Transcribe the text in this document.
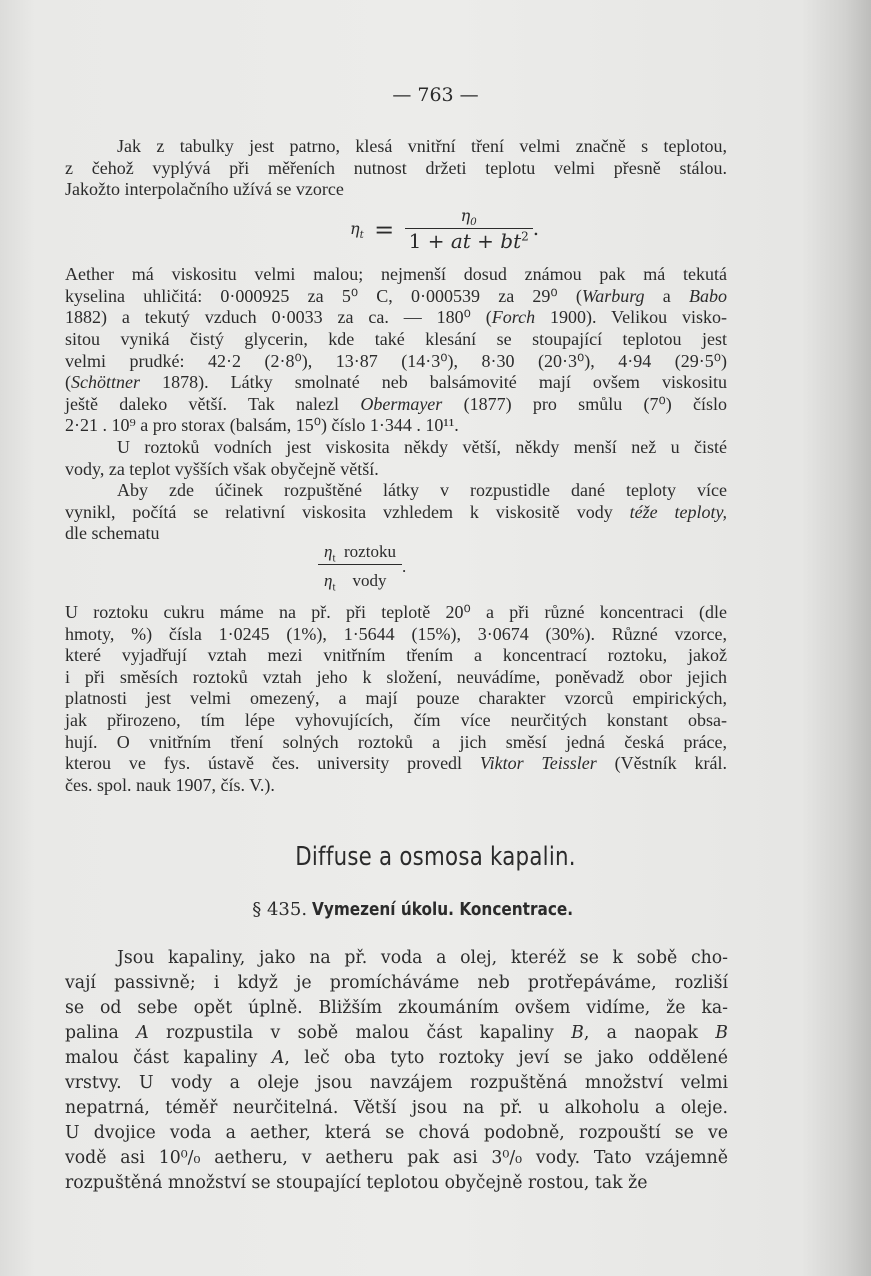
— 763 —
Jak z tabulky jest patrno, klesá vnitřní tření velmi značně s teplotou,
z čehož vyplývá při měřeních nutnost držeti teplotu velmi přesně stálou.
Jakožto interpolačního užívá se vzorce
Aether má viskositu velmi malou; nejmenší dosud známou pak má tekutá
kyselina uhličitá: 0·000925 za 5⁰ C, 0·000539 za 29⁰ (Warburg a Babo
1882) a tekutý vzduch 0·0033 za ca. — 180⁰ (Forch 1900). Velikou visko-
sitou vyniká čistý glycerin, kde také klesání se stoupající teplotou jest
velmi prudké: 42·2 (2·8⁰), 13·87 (14·3⁰), 8·30 (20·3⁰), 4·94 (29·5⁰)
(Schöttner 1878). Látky smolnaté neb balsámovité mají ovšem viskositu
ještě daleko větší. Tak nalezl Obermayer (1877) pro smůlu (7⁰) číslo
2·21 . 10⁹ a pro storax (balsám, 15⁰) číslo 1·344 . 10¹¹.
U roztoků vodních jest viskosita někdy větší, někdy menší než u čisté
vody, za teplot vyšších však obyčejně větší.
Aby zde účinek rozpuštěné látky v rozpustidle dané teploty více
vynikl, počítá se relativní viskosita vzhledem k viskositě vody téže teploty,
dle schematu
U roztoku cukru máme na př. při teplotě 20⁰ a při různé koncentraci (dle
hmoty, %) čísla 1·0245 (1%), 1·5644 (15%), 3·0674 (30%). Různé vzorce,
které vyjadřují vztah mezi vnitřním třením a koncentrací roztoku, jakož
i při směsích roztoků vztah jeho k složení, neuvádíme, poněvadž obor jejich
platnosti jest velmi omezený, a mají pouze charakter vzorců empirických,
jak přirozeno, tím lépe vyhovujících, čím více neurčitých konstant obsa-
hují. O vnitřním tření solných roztoků a jich směsí jedná česká práce,
kterou ve fys. ústavě čes. university provedl Viktor Teissler (Věstník král.
čes. spol. nauk 1907, čís. V.).
$\eta_t = \frac{\eta_0}{1 + at + bt^2}$ .
$\frac{\eta_t roztoku}{\eta_t vody}$ .
Diffuse a osmosa kapalin.
§ 435. Vymezení úkolu. Koncentrace.
Jsou kapaliny, jako na př. voda a olej, kteréž se k sobě cho-
vají passivně; i když je promícháváme neb protřepáváme, rozliší
se od sebe opět úplně. Bližším zkoumáním ovšem vidíme, že ka-
palina A rozpustila v sobě malou část kapaliny B, a naopak B
malou část kapaliny A, leč oba tyto roztoky jeví se jako oddělené
vrstvy. U vody a oleje jsou navzájem rozpuštěná množství velmi
nepatrná, téměř neurčitelná. Větší jsou na př. u alkoholu a oleje.
U dvojice voda a aether, která se chová podobně, rozpouští se ve
vodě asi 10⁰/₀ aetheru, v aetheru pak asi 3⁰/₀ vody. Tato vzájemně
rozpuštěná množství se stoupající teplotou obyčejně rostou, tak že
